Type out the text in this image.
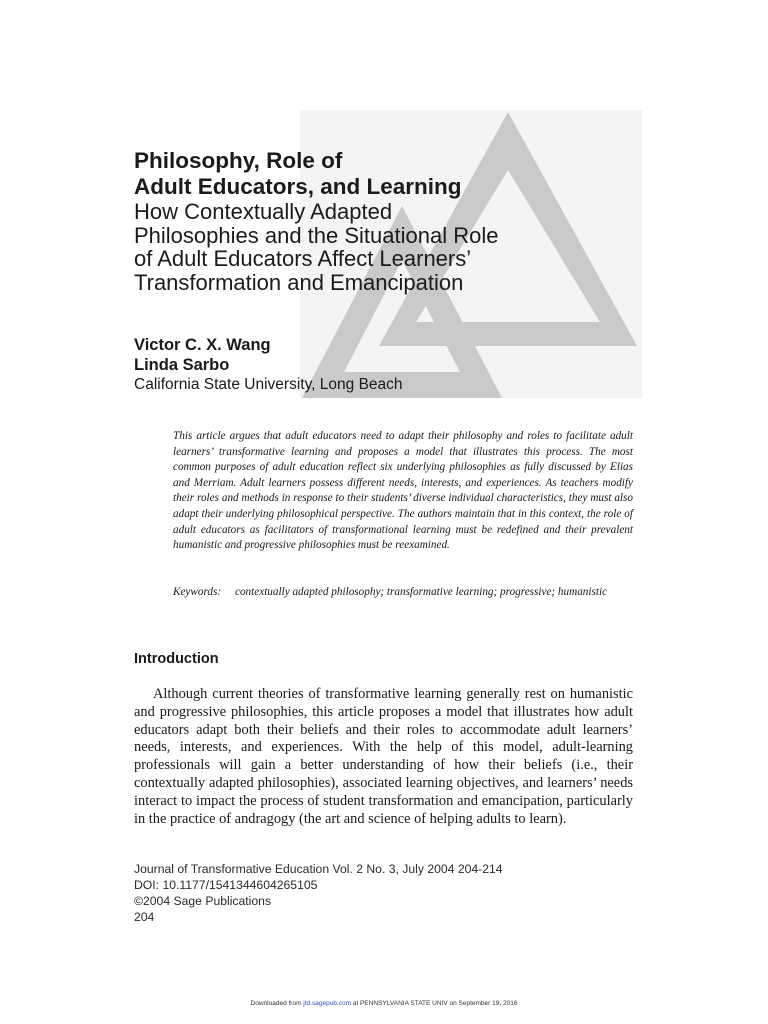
Philosophy, Role of
Adult Educators, and Learning
How Contextually Adapted
Philosophies and the Situational Role
of Adult Educators Affect Learners’
Transformation and Emancipation

Victor C. X. Wang

Linda Sarbo

California State University, Long Beach

This article argues that adult educators need to adapt their philosophy and roles to facilitate adult learners’ transformative learning and proposes a model that illustrates this process. The most common purposes of adult education reflect six underlying philosophies as fully discussed by Elias and Merriam. Adult learners possess different needs, interests, and experiences. As teachers modify their roles and methods in response to their students’ diverse individual characteristics, they must also adapt their underlying philosophical perspective. The authors maintain that in this context, the role of adult educators as facilitators of transformational learning must be redefined and their prevalent humanistic and progressive philosophies must be reexamined.

Keywords:	contextually adapted philosophy; transformative learning; progressive; humanistic
Introduction

Although current theories of transformative learning generally rest on humanistic and progressive philosophies, this article proposes a model that illustrates how adult educators adapt both their beliefs and their roles to accommodate adult learners’ needs, interests, and experiences. With the help of this model, adult-learning professionals will gain a better understanding of how their beliefs (i.e., their contextually adapted philosophies), associated learning objectives, and learners’ needs interact to impact the process of student transformation and emancipation, particularly in the practice of andragogy (the art and science of helping adults to learn).

Journal of Transformative Education Vol. 2 No. 3, July 2004 204-214
DOI: 10.1177/1541344604265105
©2004 Sage Publications
204
Downloaded from jtd.sagepub.com at PENNSYLVANIA STATE UNIV on September 19, 2016
